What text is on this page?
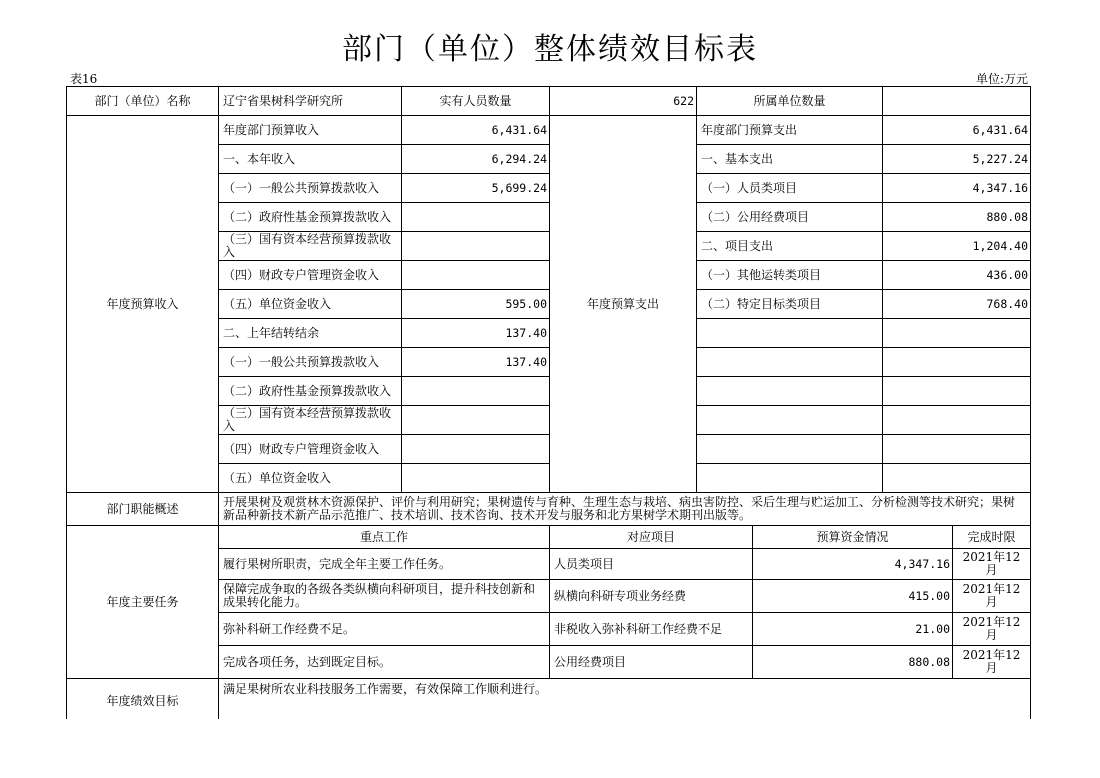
部门（单位）整体绩效目标表
表16	单位:万元
部门（单位）名称	辽宁省果树科学研究所	实有人员数量	622	所属单位数量			
年度预算收入	年度部门预算收入	6,431.64	年度预算支出	年度部门预算支出		6,431.64	
	一、本年收入	6,294.24		一、基本支出		5,227.24	
	（一）一般公共预算拨款收入	5,699.24		（一）人员类项目		4,347.16	
	（二）政府性基金预算拨款收入			（二）公用经费项目		880.08	
	（三）国有资本经营预算拨款收入			二、项目支出		1,204.40	
	（四）财政专户管理资金收入			（一）其他运转类项目		436.00	
	（五）单位资金收入	595.00		（二）特定目标类项目		768.40	
	二、上年结转结余	137.40					
	（一）一般公共预算拨款收入	137.40					
	（二）政府性基金预算拨款收入						
	（三）国有资本经营预算拨款收入						
	（四）财政专户管理资金收入						
	（五）单位资金收入						
部门职能概述	开展果树及观赏林木资源保护、评价与利用研究；果树遗传与育种、生理生态与栽培、病虫害防控、采后生理与贮运加工、分析检测等技术研究；果树新品种新技术新产品示范推广、技术培训、技术咨询、技术开发与服务和北方果树学术期刊出版等。						
年度主要任务	重点工作		对应项目		预算资金情况		完成时限
	履行果树所职责，完成全年主要工作任务。		人员类项目		4,347.16		2021年12月
	保障完成争取的各级各类纵横向科研项目，提升科技创新和成果转化能力。		纵横向科研专项业务经费		415.00		2021年12月
	弥补科研工作经费不足。		非税收入弥补科研工作经费不足		21.00		2021年12月
	完成各项任务，达到既定目标。		公用经费项目		880.08		2021年12月
年度绩效目标	满足果树所农业科技服务工作需要，有效保障工作顺利进行。						
